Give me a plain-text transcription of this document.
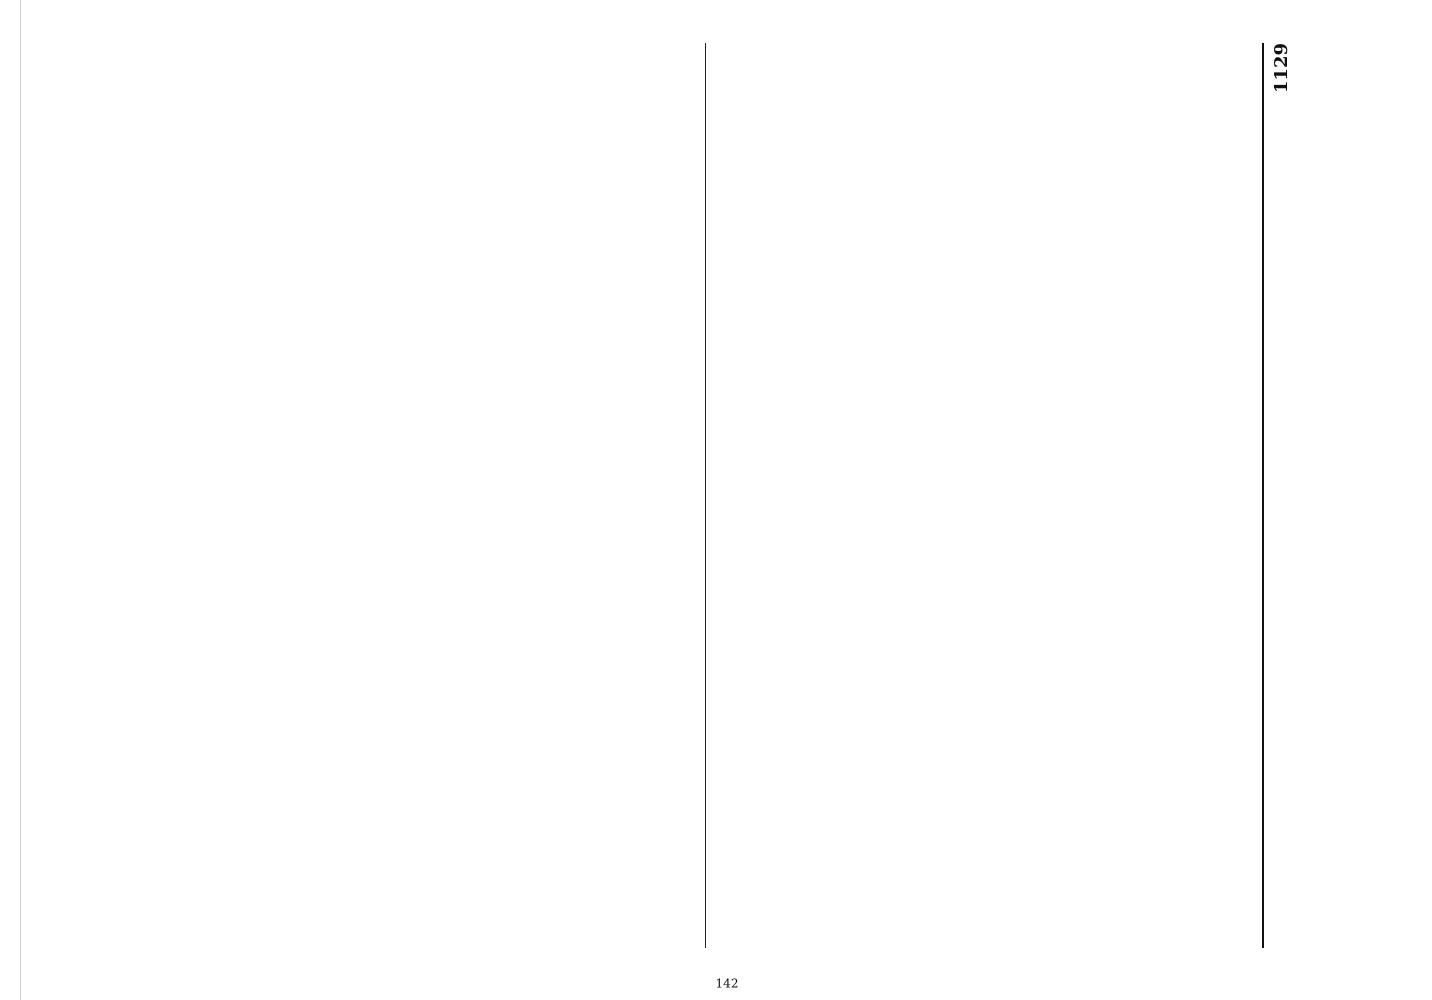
1129
142
